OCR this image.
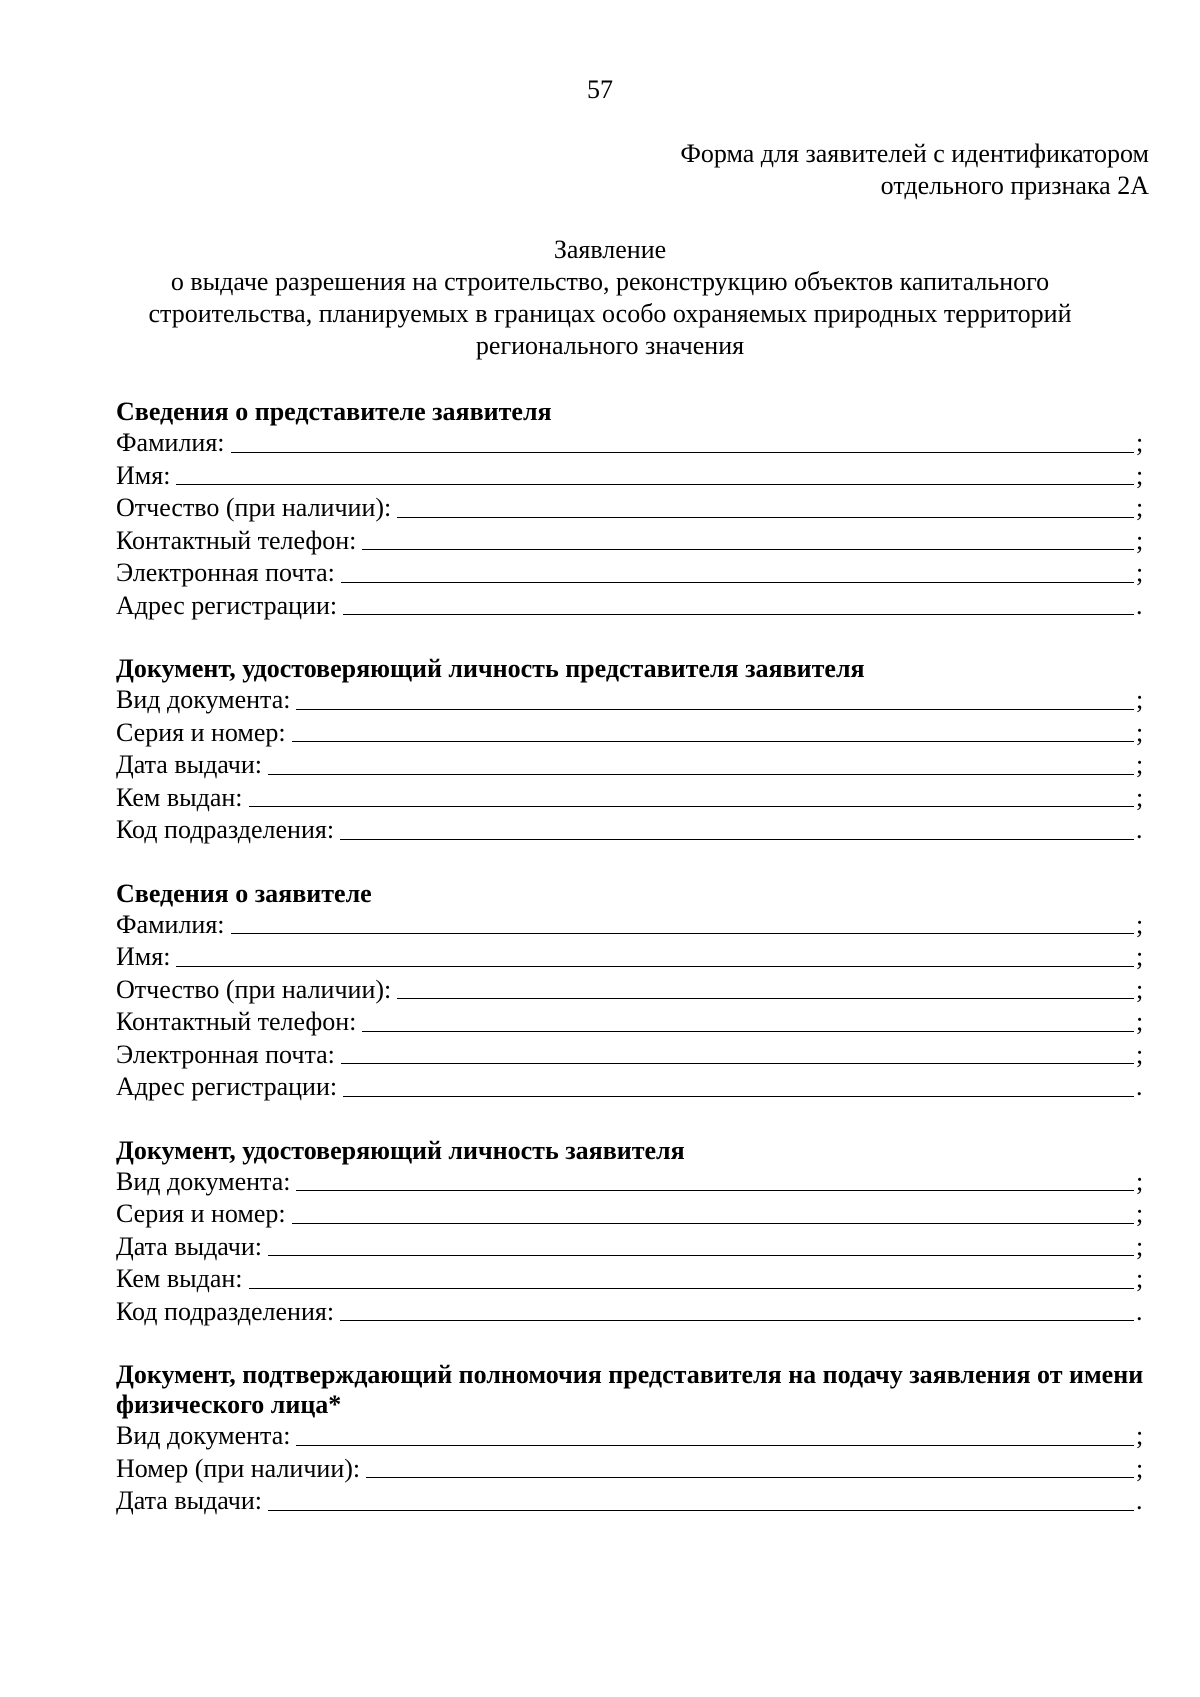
57
Форма для заявителей с идентификатором
отдельного признака 2А
Заявление
о выдаче разрешения на строительство, реконструкцию объектов капитального
строительства, планируемых в границах особо охраняемых природных территорий
регионального значения
Сведения о представителе заявителя
Фамилия:	;
Имя:	;
Отчество (при наличии):	;
Контактный телефон:	;
Электронная почта:	;
Адрес регистрации:	.
Документ, удостоверяющий личность представителя заявителя
Вид документа:	;
Серия и номер:	;
Дата выдачи:	;
Кем выдан:	;
Код подразделения:	.
Сведения о заявителе
Фамилия:	;
Имя:	;
Отчество (при наличии):	;
Контактный телефон:	;
Электронная почта:	;
Адрес регистрации:	.
Документ, удостоверяющий личность заявителя
Вид документа:	;
Серия и номер:	;
Дата выдачи:	;
Кем выдан:	;
Код подразделения:	.
Документ, подтверждающий полномочия представителя на подачу заявления от имени физического лица*
Вид документа:	;
Номер (при наличии):	;
Дата выдачи:	.
